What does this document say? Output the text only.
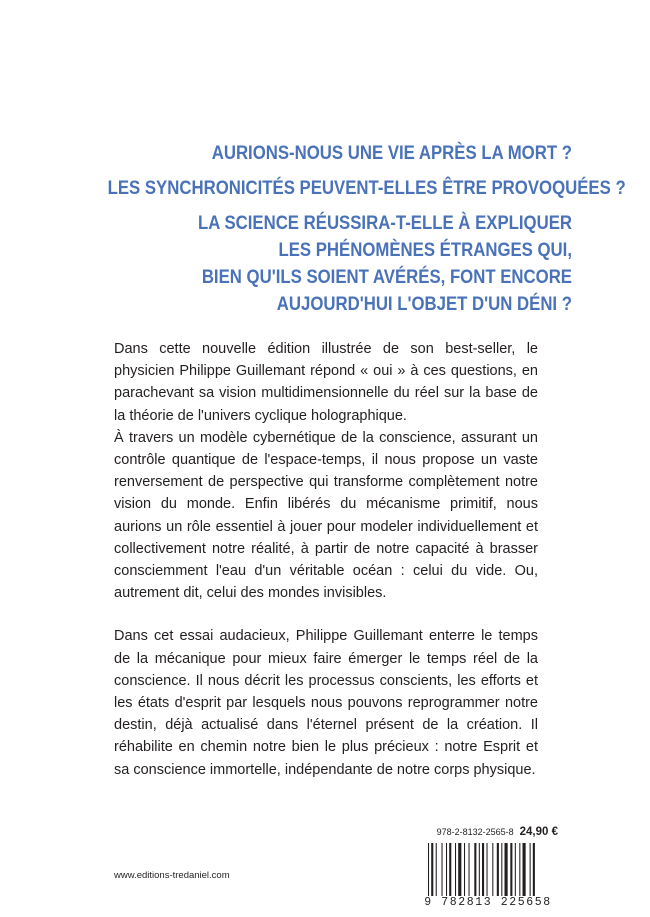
AURIONS-NOUS UNE VIE APRÈS LA MORT ?
LES SYNCHRONICITÉS PEUVENT-ELLES ÊTRE PROVOQUÉES ?
LA SCIENCE RÉUSSIRA-T-ELLE À EXPLIQUER
LES PHÉNOMÈNES ÉTRANGES QUI,
BIEN QU'ILS SOIENT AVÉRÉS, FONT ENCORE
AUJOURD'HUI L'OBJET D'UN DÉNI ?

Dans cette nouvelle édition illustrée de son best-seller, le physicien Philippe Guillemant répond « oui » à ces questions, en parachevant sa vision multidimensionnelle du réel sur la base de la théorie de l'univers cyclique holographique.

À travers un modèle cybernétique de la conscience, assurant un contrôle quantique de l'espace-temps, il nous propose un vaste renversement de perspective qui transforme complètement notre vision du monde. Enfin libérés du mécanisme primitif, nous aurions un rôle essentiel à jouer pour modeler individuellement et collectivement notre réalité, à partir de notre capacité à brasser consciemment l'eau d'un véritable océan : celui du vide. Ou, autrement dit, celui des mondes invisibles.

Dans cet essai audacieux, Philippe Guillemant enterre le temps de la mécanique pour mieux faire émerger le temps réel de la conscience. Il nous décrit les processus conscients, les efforts et les états d'esprit par lesquels nous pouvons reprogrammer notre destin, déjà actualisé dans l'éternel présent de la création. Il réhabilite en chemin notre bien le plus précieux : notre Esprit et sa conscience immortelle, indépendante de notre corps physique.

978-2-8132-2565-8 24,90 €
9 782813 225658
www.editions-tredaniel.com
